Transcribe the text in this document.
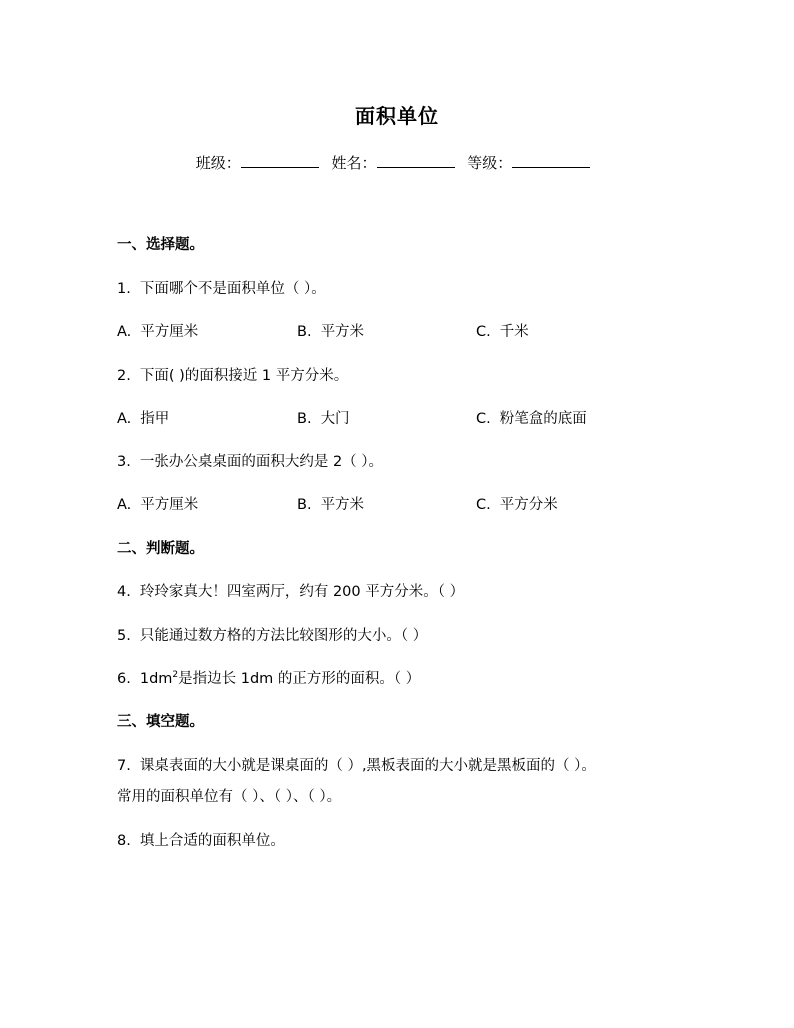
面积单位
班级：	姓名：	等级：
一、选择题。
1. 下面哪个不是面积单位（ ）。
A. 平方厘米	B. 平方米	C. 千米
2. 下面( )的面积接近 1 平方分米。
A. 指甲	B. 大门	C. 粉笔盒的底面
3. 一张办公桌桌面的面积大约是 2（ ）。
A. 平方厘米	B. 平方米	C. 平方分米
二、判断题。
4. 玲玲家真大！四室两厅，约有 200 平方分米。（ ）
5. 只能通过数方格的方法比较图形的大小。（ ）
6. $1dm^2$是指边长 1dm 的正方形的面积。（ ）
三、填空题。
7. 课桌表面的大小就是课桌面的（ ）,黑板表面的大小就是黑板面的（ ）。
常用的面积单位有（ ）、（ ）、（ ）。
8. 填上合适的面积单位。
